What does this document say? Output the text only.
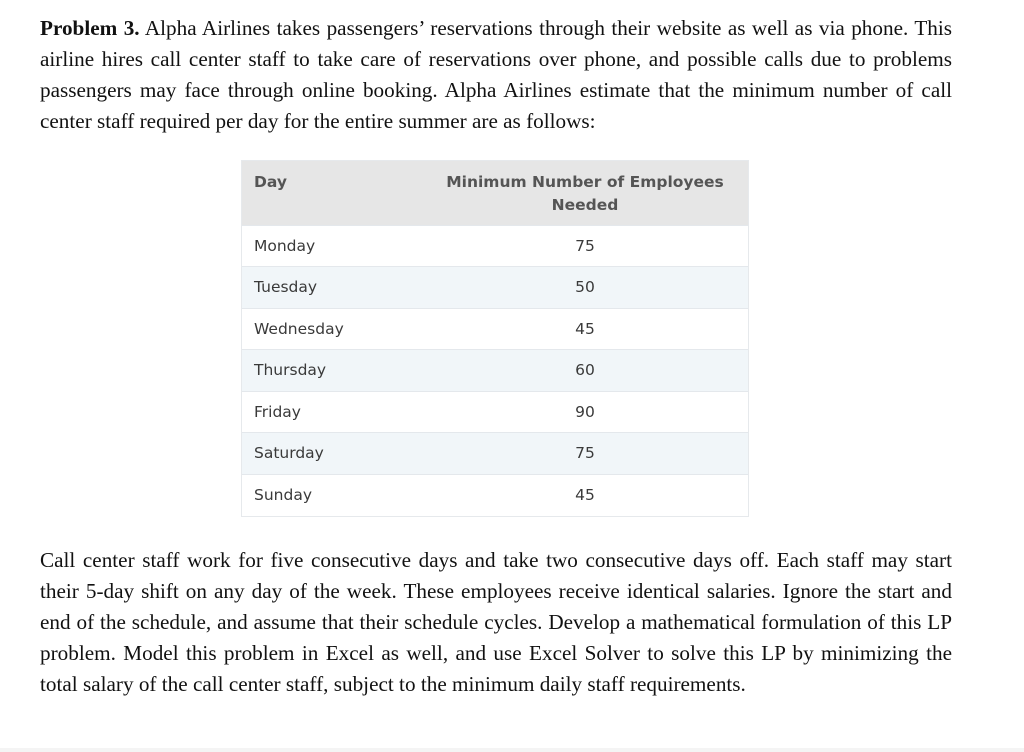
Problem 3. Alpha Airlines takes passengers’ reservations through their website as well as via phone. This airline hires call center staff to take care of reservations over phone, and possible calls due to problems passengers may face through online booking. Alpha Airlines estimate that the minimum number of call center staff required per day for the entire summer are as follows:

Day	Minimum Number of Employees Needed
Monday	75
Tuesday	50
Wednesday	45
Thursday	60
Friday	90
Saturday	75
Sunday	45

Call center staff work for five consecutive days and take two consecutive days off. Each staff may start their 5-day shift on any day of the week. These employees receive identical salaries. Ignore the start and end of the schedule, and assume that their schedule cycles. Develop a mathematical formulation of this LP problem. Model this problem in Excel as well, and use Excel Solver to solve this LP by minimizing the total salary of the call center staff, subject to the minimum daily staff requirements.
